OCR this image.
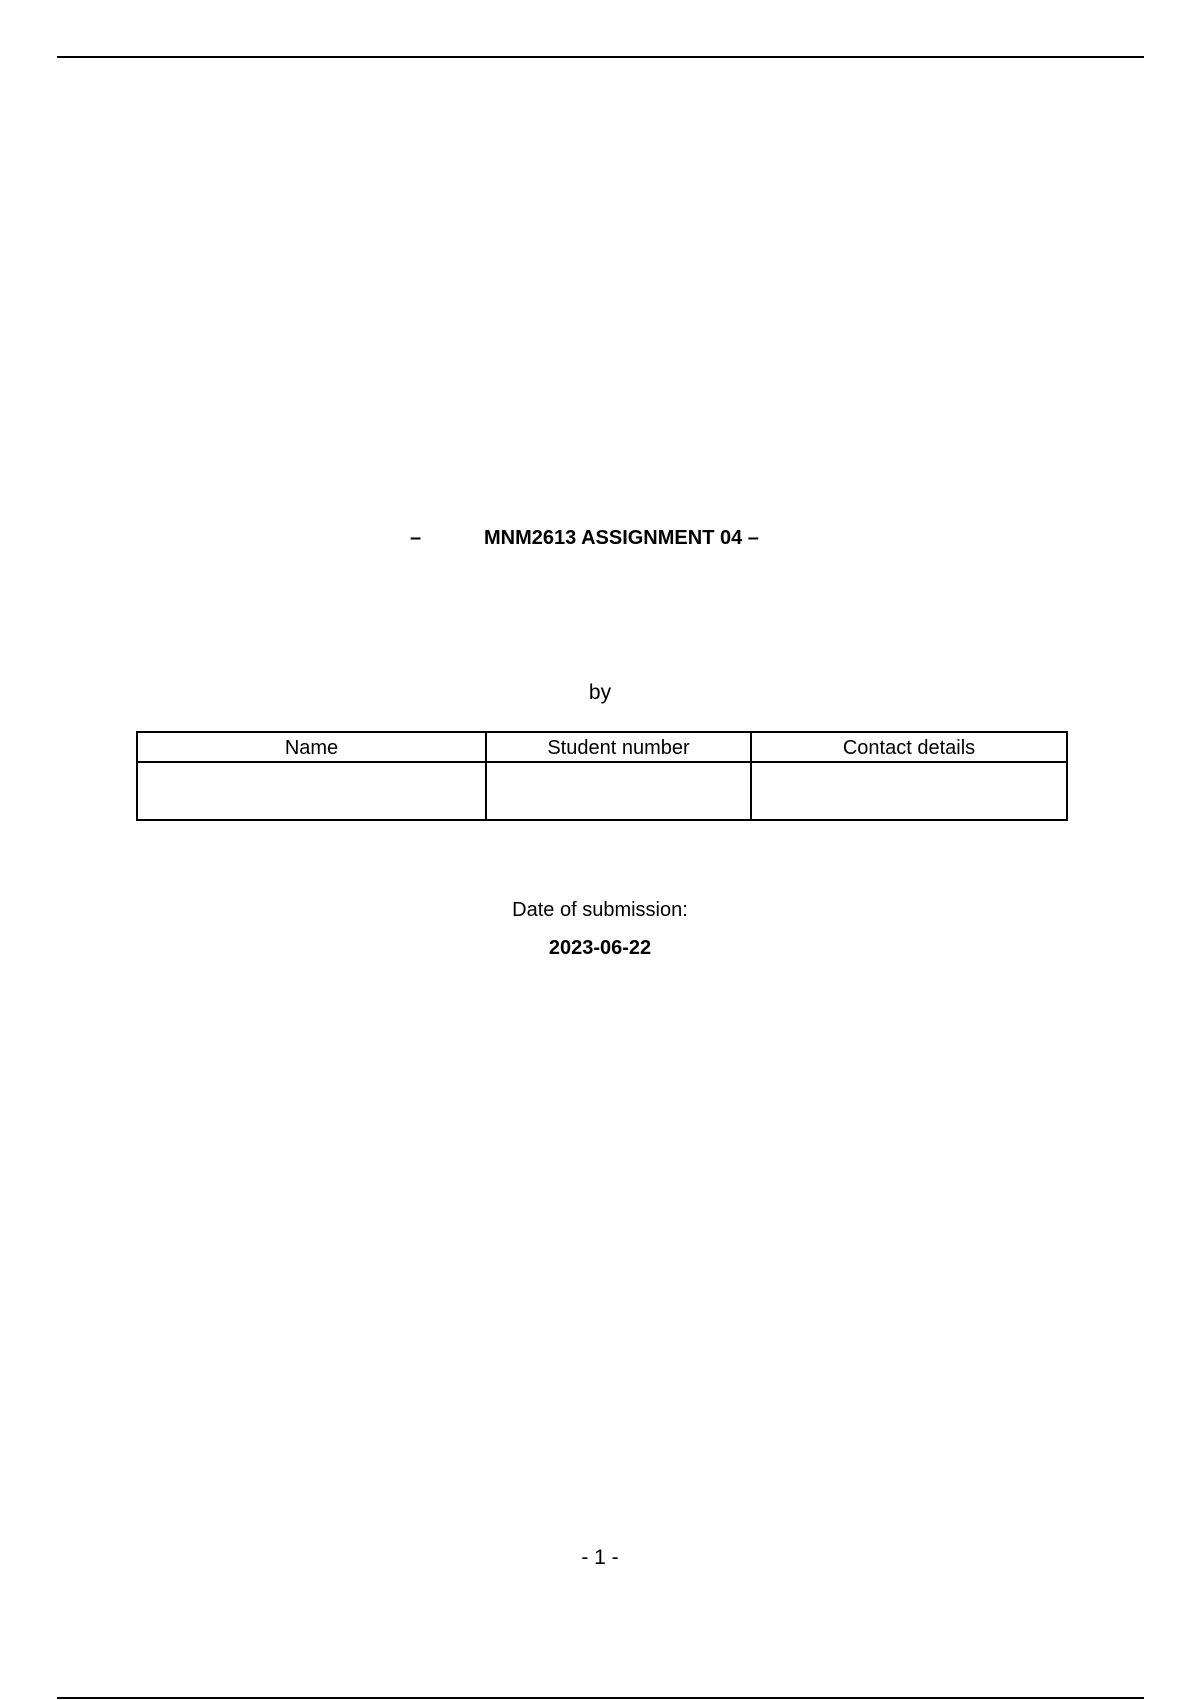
–	MNM2613 ASSIGNMENT 04 –
by
Name	Student number	Contact details

Date of submission:
2023-06-22
- 1 -
